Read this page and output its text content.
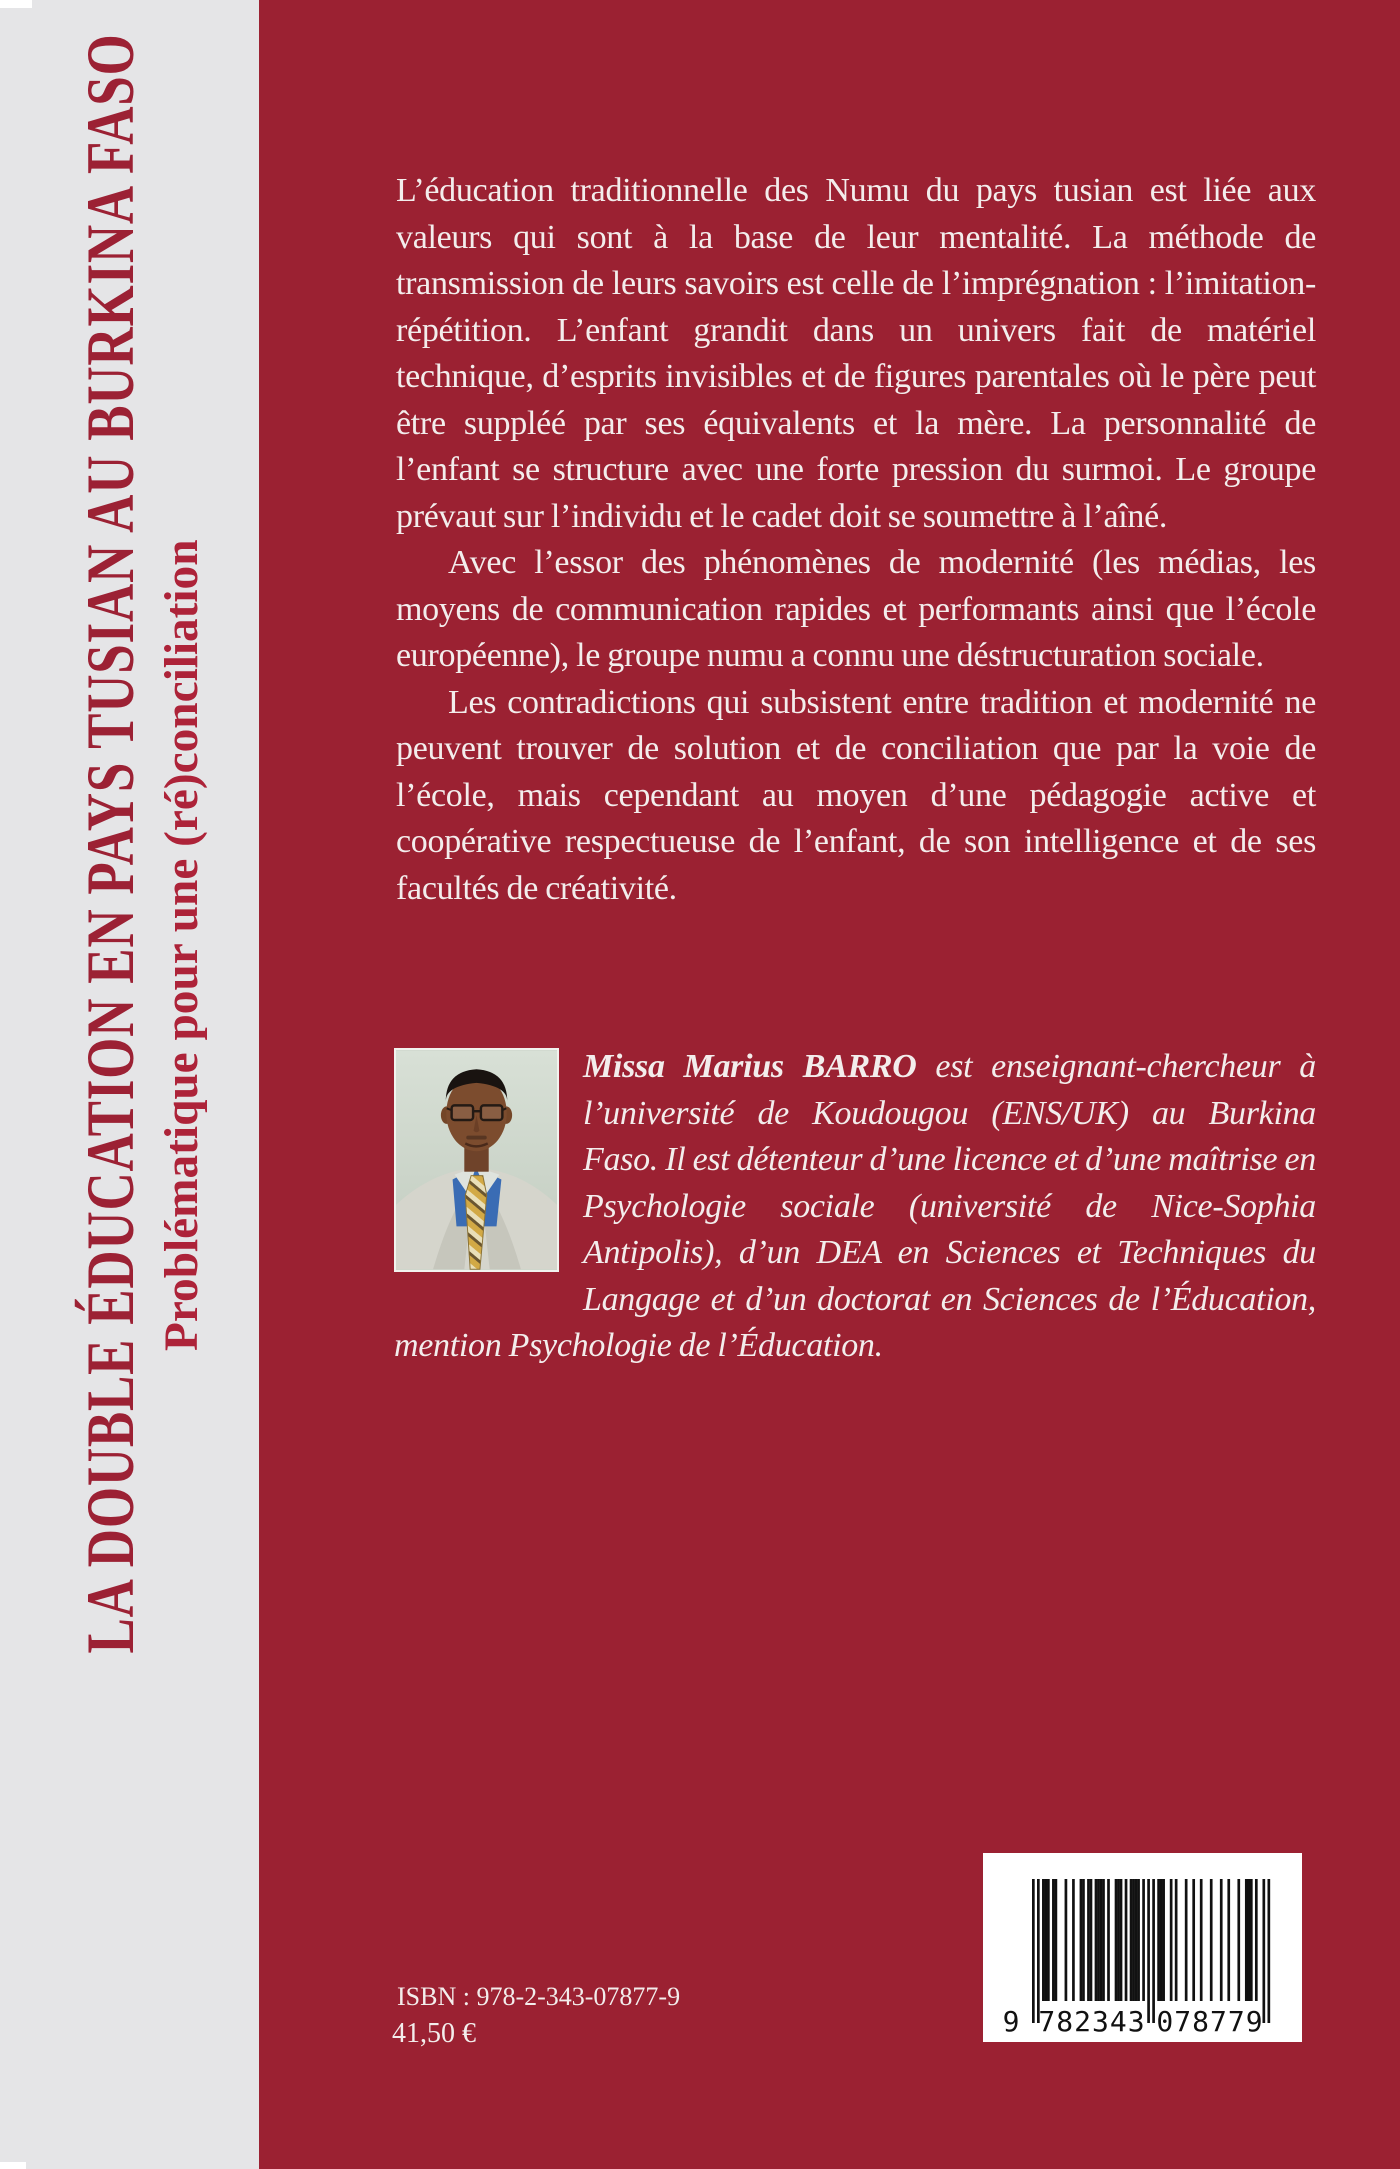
LA DOUBLE ÉDUCATION EN PAYS TUSIAN AU BURKINA FASO Problématique pour une (ré)conciliation

L’éducation traditionnelle des Numu du pays tusian est liée aux valeurs qui sont à la base de leur mentalité. La méthode de transmission de leurs savoirs est celle de l’imprégnation : l’imitation-répétition. L’enfant grandit dans un univers fait de matériel technique, d’esprits invisibles et de figures parentales où le père peut être suppléé par ses équivalents et la mère. La personnalité de l’enfant se structure avec une forte pression du surmoi. Le groupe prévaut sur l’individu et le cadet doit se soumettre à l’aîné.

Avec l’essor des phénomènes de modernité (les médias, les moyens de communication rapides et performants ainsi que l’école européenne), le groupe numu a connu une déstructuration sociale.

Les contradictions qui subsistent entre tradition et modernité ne peuvent trouver de solution et de conciliation que par la voie de l’école, mais cependant au moyen d’une pédagogie active et coopérative respectueuse de l’enfant, de son intelligence et de ses facultés de créativité.

Missa Marius BARRO est enseignant-chercheur à l’université de Koudougou (ENS/UK) au Burkina Faso. Il est détenteur d’une licence et d’une maîtrise en Psychologie sociale (université de Nice-Sophia Antipolis), d’un DEA en Sciences et Techniques du Langage et d’un doctorat en Sciences de l’Éducation, mention Psychologie de l’Éducation.

ISBN : 978-2-343-07877-9
41,50 €	9 782343 078779
